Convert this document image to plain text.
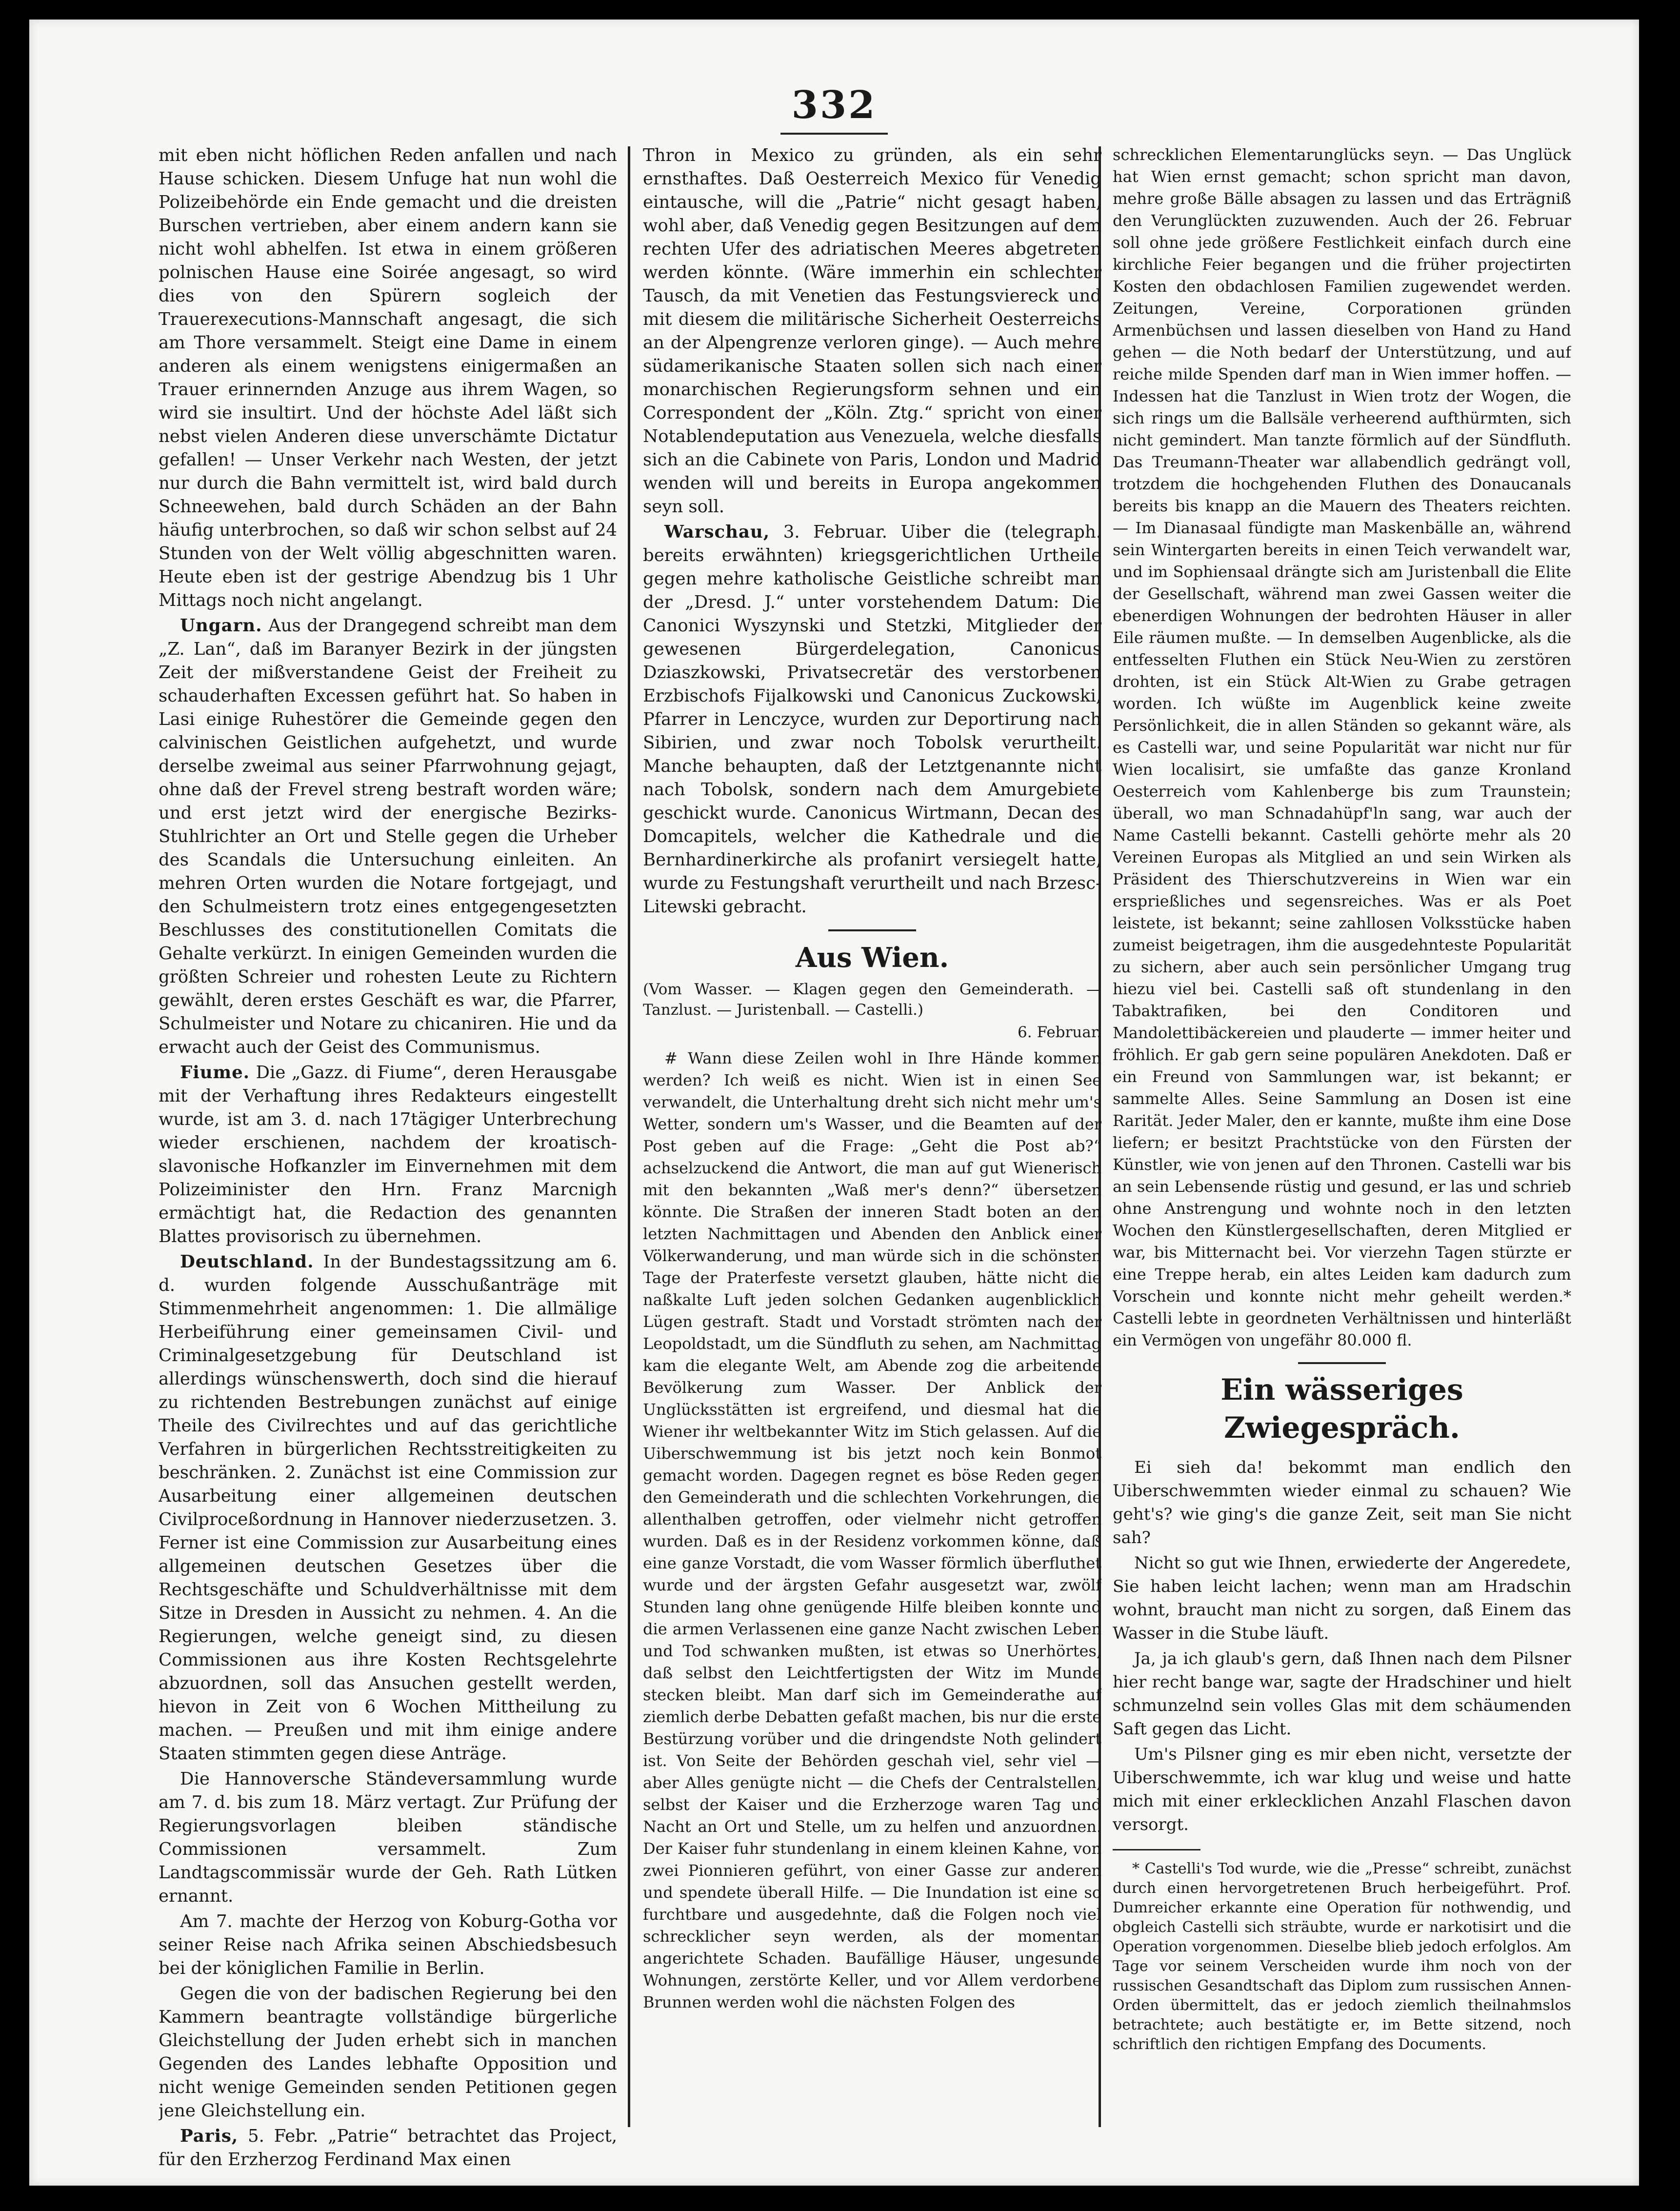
332

mit eben nicht höflichen Reden anfallen und nach Hause schicken. Diesem Unfuge hat nun wohl die Polizeibehörde ein Ende gemacht und die dreisten Burschen vertrieben, aber einem andern kann sie nicht wohl abhelfen. Ist etwa in einem größeren polnischen Hause eine Soirée angesagt, so wird dies von den Spürern sogleich der Trauerexecutions-Mannschaft angesagt, die sich am Thore versammelt. Steigt eine Dame in einem anderen als einem wenigstens einigermaßen an Trauer erinnernden Anzuge aus ihrem Wagen, so wird sie insultirt. Und der höchste Adel läßt sich nebst vielen Anderen diese unverschämte Dictatur gefallen! — Unser Verkehr nach Westen, der jetzt nur durch die Bahn vermittelt ist, wird bald durch Schneewehen, bald durch Schäden an der Bahn häufig unterbrochen, so daß wir schon selbst auf 24 Stunden von der Welt völlig abgeschnitten waren. Heute eben ist der gestrige Abendzug bis 1 Uhr Mittags noch nicht angelangt.

Ungarn. Aus der Drangegend schreibt man dem „Z. Lan“, daß im Baranyer Bezirk in der jüngsten Zeit der mißverstandene Geist der Freiheit zu schauderhaften Excessen geführt hat. So haben in Lasi einige Ruhestörer die Gemeinde gegen den calvinischen Geistlichen aufgehetzt, und wurde derselbe zweimal aus seiner Pfarrwohnung gejagt, ohne daß der Frevel streng bestraft worden wäre; und erst jetzt wird der energische Bezirks-Stuhlrichter an Ort und Stelle gegen die Urheber des Scandals die Untersuchung einleiten. An mehren Orten wurden die Notare fortgejagt, und den Schulmeistern trotz eines entgegengesetzten Beschlusses des constitutionellen Comitats die Gehalte verkürzt. In einigen Gemeinden wurden die größten Schreier und rohesten Leute zu Richtern gewählt, deren erstes Geschäft es war, die Pfarrer, Schulmeister und Notare zu chicaniren. Hie und da erwacht auch der Geist des Communismus.

Fiume. Die „Gazz. di Fiume“, deren Herausgabe mit der Verhaftung ihres Redakteurs eingestellt wurde, ist am 3. d. nach 17tägiger Unterbrechung wieder erschienen, nachdem der kroatisch-slavonische Hofkanzler im Einvernehmen mit dem Polizeiminister den Hrn. Franz Marcnigh ermächtigt hat, die Redaction des genannten Blattes provisorisch zu übernehmen.

Deutschland. In der Bundestagssitzung am 6. d. wurden folgende Ausschußanträge mit Stimmenmehrheit angenommen: 1. Die allmälige Herbeiführung einer gemeinsamen Civil- und Criminalgesetzgebung für Deutschland ist allerdings wünschenswerth, doch sind die hierauf zu richtenden Bestrebungen zunächst auf einige Theile des Civilrechtes und auf das gerichtliche Verfahren in bürgerlichen Rechtsstreitigkeiten zu beschränken. 2. Zunächst ist eine Commission zur Ausarbeitung einer allgemeinen deutschen Civilproceßordnung in Hannover niederzusetzen. 3. Ferner ist eine Commission zur Ausarbeitung eines allgemeinen deutschen Gesetzes über die Rechtsgeschäfte und Schuldverhältnisse mit dem Sitze in Dresden in Aussicht zu nehmen. 4. An die Regierungen, welche geneigt sind, zu diesen Commissionen aus ihre Kosten Rechtsgelehrte abzuordnen, soll das Ansuchen gestellt werden, hievon in Zeit von 6 Wochen Mittheilung zu machen. — Preußen und mit ihm einige andere Staaten stimmten gegen diese Anträge.

Die Hannoversche Ständeversammlung wurde am 7. d. bis zum 18. März vertagt. Zur Prüfung der Regierungsvorlagen bleiben ständische Commissionen versammelt. Zum Landtagscommissär wurde der Geh. Rath Lütken ernannt.

Am 7. machte der Herzog von Koburg-Gotha vor seiner Reise nach Afrika seinen Abschiedsbesuch bei der königlichen Familie in Berlin.

Gegen die von der badischen Regierung bei den Kammern beantragte vollständige bürgerliche Gleichstellung der Juden erhebt sich in manchen Gegenden des Landes lebhafte Opposition und nicht wenige Gemeinden senden Petitionen gegen jene Gleichstellung ein.

Paris, 5. Febr. „Patrie“ betrachtet das Project, für den Erzherzog Ferdinand Max einen

Thron in Mexico zu gründen, als ein sehr ernsthaftes. Daß Oesterreich Mexico für Venedig eintausche, will die „Patrie“ nicht gesagt haben, wohl aber, daß Venedig gegen Besitzungen auf dem rechten Ufer des adriatischen Meeres abgetreten werden könnte. (Wäre immerhin ein schlechter Tausch, da mit Venetien das Festungsviereck und mit diesem die militärische Sicherheit Oesterreichs an der Alpengrenze verloren ginge). — Auch mehre südamerikanische Staaten sollen sich nach einer monarchischen Regierungsform sehnen und ein Correspondent der „Köln. Ztg.“ spricht von einer Notablendeputation aus Venezuela, welche diesfalls sich an die Cabinete von Paris, London und Madrid wenden will und bereits in Europa angekommen seyn soll.

Warschau, 3. Februar. Uiber die (telegraph. bereits erwähnten) kriegsgerichtlichen Urtheile gegen mehre katholische Geistliche schreibt man der „Dresd. J.“ unter vorstehendem Datum: Die Canonici Wyszynski und Stetzki, Mitglieder der gewesenen Bürgerdelegation, Canonicus Dziaszkowski, Privatsecretär des verstorbenen Erzbischofs Fijalkowski und Canonicus Zuckowski, Pfarrer in Lenczyce, wurden zur Deportirung nach Sibirien, und zwar noch Tobolsk verurtheilt. Manche behaupten, daß der Letztgenannte nicht nach Tobolsk, sondern nach dem Amurgebiete geschickt wurde. Canonicus Wirtmann, Decan des Domcapitels, welcher die Kathedrale und die Bernhardinerkirche als profanirt versiegelt hatte, wurde zu Festungshaft verurtheilt und nach Brzesc-Litewski gebracht.

Aus Wien.

(Vom Wasser. — Klagen gegen den Gemeinderath. — Tanzlust. — Juristenball. — Castelli.)

6. Februar.

# Wann diese Zeilen wohl in Ihre Hände kommen werden? Ich weiß es nicht. Wien ist in einen See verwandelt, die Unterhaltung dreht sich nicht mehr um's Wetter, sondern um's Wasser, und die Beamten auf der Post geben auf die Frage: „Geht die Post ab?“ achselzuckend die Antwort, die man auf gut Wienerisch mit den bekannten „Waß mer's denn?“ übersetzen könnte. Die Straßen der inneren Stadt boten an den letzten Nachmittagen und Abenden den Anblick einer Völkerwanderung, und man würde sich in die schönsten Tage der Praterfeste versetzt glauben, hätte nicht die naßkalte Luft jeden solchen Gedanken augenblicklich Lügen gestraft. Stadt und Vorstadt strömten nach der Leopoldstadt, um die Sündfluth zu sehen, am Nachmittag kam die elegante Welt, am Abende zog die arbeitende Bevölkerung zum Wasser. Der Anblick der Unglücksstätten ist ergreifend, und diesmal hat die Wiener ihr weltbekannter Witz im Stich gelassen. Auf die Uiberschwemmung ist bis jetzt noch kein Bonmot gemacht worden. Dagegen regnet es böse Reden gegen den Gemeinderath und die schlechten Vorkehrungen, die allenthalben getroffen, oder vielmehr nicht getroffen wurden. Daß es in der Residenz vorkommen könne, daß eine ganze Vorstadt, die vom Wasser förmlich überfluthet wurde und der ärgsten Gefahr ausgesetzt war, zwölf Stunden lang ohne genügende Hilfe bleiben konnte und die armen Verlassenen eine ganze Nacht zwischen Leben und Tod schwanken mußten, ist etwas so Unerhörtes, daß selbst den Leichtfertigsten der Witz im Munde stecken bleibt. Man darf sich im Gemeinderathe auf ziemlich derbe Debatten gefaßt machen, bis nur die erste Bestürzung vorüber und die dringendste Noth gelindert ist. Von Seite der Behörden geschah viel, sehr viel — aber Alles genügte nicht — die Chefs der Centralstellen, selbst der Kaiser und die Erzherzoge waren Tag und Nacht an Ort und Stelle, um zu helfen und anzuordnen. Der Kaiser fuhr stundenlang in einem kleinen Kahne, von zwei Pionnieren geführt, von einer Gasse zur anderen und spendete überall Hilfe. — Die Inundation ist eine so furchtbare und ausgedehnte, daß die Folgen noch viel schrecklicher seyn werden, als der momentan angerichtete Schaden. Baufällige Häuser, ungesunde Wohnungen, zerstörte Keller, und vor Allem verdorbene Brunnen werden wohl die nächsten Folgen des

schrecklichen Elementarunglücks seyn. — Das Unglück hat Wien ernst gemacht; schon spricht man davon, mehre große Bälle absagen zu lassen und das Erträgniß den Verunglückten zuzuwenden. Auch der 26. Februar soll ohne jede größere Festlichkeit einfach durch eine kirchliche Feier begangen und die früher projectirten Kosten den obdachlosen Familien zugewendet werden. Zeitungen, Vereine, Corporationen gründen Armenbüchsen und lassen dieselben von Hand zu Hand gehen — die Noth bedarf der Unterstützung, und auf reiche milde Spenden darf man in Wien immer hoffen. — Indessen hat die Tanzlust in Wien trotz der Wogen, die sich rings um die Ballsäle verheerend aufthürmten, sich nicht gemindert. Man tanzte förmlich auf der Sündfluth. Das Treumann-Theater war allabendlich gedrängt voll, trotzdem die hochgehenden Fluthen des Donaucanals bereits bis knapp an die Mauern des Theaters reichten. — Im Dianasaal fündigte man Maskenbälle an, während sein Wintergarten bereits in einen Teich verwandelt war, und im Sophiensaal drängte sich am Juristenball die Elite der Gesellschaft, während man zwei Gassen weiter die ebenerdigen Wohnungen der bedrohten Häuser in aller Eile räumen mußte. — In demselben Augenblicke, als die entfesselten Fluthen ein Stück Neu-Wien zu zerstören drohten, ist ein Stück Alt-Wien zu Grabe getragen worden. Ich wüßte im Augenblick keine zweite Persönlichkeit, die in allen Ständen so gekannt wäre, als es Castelli war, und seine Popularität war nicht nur für Wien localisirt, sie umfaßte das ganze Kronland Oesterreich vom Kahlenberge bis zum Traunstein; überall, wo man Schnadahüpf'ln sang, war auch der Name Castelli bekannt. Castelli gehörte mehr als 20 Vereinen Europas als Mitglied an und sein Wirken als Präsident des Thierschutzvereins in Wien war ein ersprießliches und segensreiches. Was er als Poet leistete, ist bekannt; seine zahllosen Volksstücke haben zumeist beigetragen, ihm die ausgedehnteste Popularität zu sichern, aber auch sein persönlicher Umgang trug hiezu viel bei. Castelli saß oft stundenlang in den Tabaktrafiken, bei den Conditoren und Mandolettibäckereien und plauderte — immer heiter und fröhlich. Er gab gern seine populären Anekdoten. Daß er ein Freund von Sammlungen war, ist bekannt; er sammelte Alles. Seine Sammlung an Dosen ist eine Rarität. Jeder Maler, den er kannte, mußte ihm eine Dose liefern; er besitzt Prachtstücke von den Fürsten der Künstler, wie von jenen auf den Thronen. Castelli war bis an sein Lebensende rüstig und gesund, er las und schrieb ohne Anstrengung und wohnte noch in den letzten Wochen den Künstlergesellschaften, deren Mitglied er war, bis Mitternacht bei. Vor vierzehn Tagen stürzte er eine Treppe herab, ein altes Leiden kam dadurch zum Vorschein und konnte nicht mehr geheilt werden.* Castelli lebte in geordneten Verhältnissen und hinterläßt ein Vermögen von ungefähr 80.000 fl.

Ein wässeriges Zwiegespräch.

Ei sieh da! bekommt man endlich den Uiberschwemmten wieder einmal zu schauen? Wie geht's? wie ging's die ganze Zeit, seit man Sie nicht sah?

Nicht so gut wie Ihnen, erwiederte der Angeredete, Sie haben leicht lachen; wenn man am Hradschin wohnt, braucht man nicht zu sorgen, daß Einem das Wasser in die Stube läuft.

Ja, ja ich glaub's gern, daß Ihnen nach dem Pilsner hier recht bange war, sagte der Hradschiner und hielt schmunzelnd sein volles Glas mit dem schäumenden Saft gegen das Licht.

Um's Pilsner ging es mir eben nicht, versetzte der Uiberschwemmte, ich war klug und weise und hatte mich mit einer erklecklichen Anzahl Flaschen davon versorgt.

* Castelli's Tod wurde, wie die „Presse“ schreibt, zunächst durch einen hervorgetretenen Bruch herbeigeführt. Prof. Dumreicher erkannte eine Operation für nothwendig, und obgleich Castelli sich sträubte, wurde er narkotisirt und die Operation vorgenommen. Dieselbe blieb jedoch erfolglos. Am Tage vor seinem Verscheiden wurde ihm noch von der russischen Gesandtschaft das Diplom zum russischen Annen-Orden übermittelt, das er jedoch ziemlich theilnahmslos betrachtete; auch bestätigte er, im Bette sitzend, noch schriftlich den richtigen Empfang des Documents.
